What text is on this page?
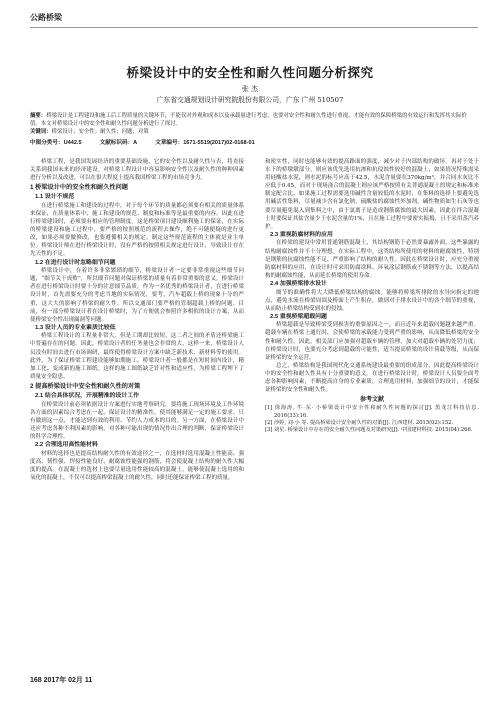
公路桥梁
桥梁设计中的安全性和耐久性问题分析探究
张 杰
广东省交通规划设计研究院股份有限公司，广东 广州 510507
摘要：桥梁设计是工程建设和施工后工程质量的关键环节，不能仅对外观和成本以及承载量进行考虑，也要对安全性和耐久性进行重视，才能有效的保障桥梁的有效运行和发挥其实际价值。本文对桥梁设计中的安全性和耐久性问题分析进行了探讨。
关键词：桥梁设计；安全性；耐久性；问题；对策
中图分类号：U442.5	文献标识码：A	文章编号：1671-5519(2017)02-0168-01

桥梁工程，是我国发展经济的重要基础设施，它的安全性以及耐久性与否，将直接关系到我国未来的经济建设。对桥梁工程设计中容易影响安全性以及耐久性的种种因素进行分析以及改进，可以在很大程度上提高我国桥梁工程的市场竞争力。

1 桥梁设计中的安全性和耐久性问题
1.1 设计不规范

在进行桥梁施工和建设的过程中，对于每个环节的质量都必须要有相关的质量体系来保证，在质量体系中，施工和建设的规范、制度和标准等是最重要的内容。因此在进行桥梁建设时，必须要有相应的管理制度。这是桥梁项目建设顺利施工的保证，在实际的桥梁建设和施工过程中，要严格的按照规范的流程去操作，绝不可随便疑的进行更改，如果必须要做修改，也要遵循相关的规定。制定这些规范流程的主体就是业主单位。桥梁设计师在进行桥梁设计时，没有严格的按照相关规定进行设计，导致设计存在先天性的不足。

1.2 在进行设计时忽略细节问题

桥梁设计中，在着许多非常繁琐的细节，桥梁设计者一定要非常重视这些细节问题，“细节关于成败”，所以细节问题对保证桥梁的质量有着非常重要的意义。桥梁设计者在进行桥梁设计时要十分的注意细节品质。作为一名优秀的桥梁设计者，在进行桥梁设计时，首先需要充分的考虑当地的实际情况，要考，汽车超载上桥的现象十分的严重，这大大的影响了桥梁的耐久性。所以交通部门要严格的管制超载上桥的问题。目前，有一部分桥梁设计者在设计桥梁时，为了方便就会参照许多相似的设计方案，从而使桥梁安全性出现漏洞等问题。

1.3 设计人员的专业素质比较低

桥梁工程设计的工程量非常大，但是工期却比较短，这二者之间的矛盾还桥梁施工中普遍存在的问题。因此，桥梁设计者的任务量也会非常的大，这样一来，桥梁设计人员没有时间去进行市场调研，最终使得桥梁设计方案中缺乏新技术、新材料等的使用。此外，为了保证桥梁工程建设能够如期施工，桥梁设计者一般都是在短时间内设计，精加工化、变成新的施工图纸。这样的施工图纸缺乏针对性和适应性，为桥梁工程埋下了质量安全隐患。

2 提高桥梁设计中安全性和耐久性的对策
2.1 结合具体状况，开展精准的设计工作

在桥梁设计前必须依据设计方案进行实地考察研究，要将施工现场环境及工作环境各方面的因素综合考虑在一起，保证设计的精准性，使其能够满足一定的施工要求。只有做到这一点，才能达到有效的利用、节约人力成本的目的。另一方面，在桥梁设计中还应考虑各种不利因素的影响，对各种可能出现的情况作出合理的判断，保证桥梁设计的科学合理性。

2.2 合理选用高性能材料

材料的选择也是提高结构耐久性的有效途径之一，在选材时选用混凝土性能高、强度高、韧性强、焊接性能良好、耐腐蚀性能强的钢筋，将会使混凝土结构的耐久性大幅度的提高。在混凝土的选材上也要尽量选用性能较高的混凝土，能够使混凝土选用的和氧化的混凝土，不仅可以提高桥梁混凝土的耐久性，同时还能保证桥梁工程的质量。

和密实性，同时也能够有效的提高路面的强度，减少对于内部结构的破坏。再对于处于水下的桥墩墩部分，则应该优先选用抗渗和抗侵蚀性较好的混凝土，如果情况特殊需采用硅酸盐水泥，则水泥的标号应高于42.5，水泥含量要在370kg/m³，并合同水灰比不应低于0.45，而对于现场浇合的混凝土则应该严格按照有关普通混凝土的规定和标准来制定配合比。如果施工过程需要选用碱性含量较低的水泥时，在集料的选择上要避免选用碱活性集料，尽量减少含有氯化钠、硫酸盐的腐蚀性外加剂，碱性物质如生石灰等也要尽量避免混入到集料之中，由于氯离子是造成钢筋腐蚀的最大因素，因此在拌合混凝土时要保证其盐含量少于水泥含量的1%，且在施工过程中要密实振捣，且不采用蒸汽养护。

2.3 重视防腐材料的应用

在桥梁的建设中常用普通钢筋混凝土，其结构钢筋于必然要暴露外面，这些暴露的结构耐腐蚀性并不十分理想。在实际工程中，这类结构所使用的材料的耐腐蚀性，特别是钢筋的抗腐蚀性能不足，严重影响了结构的耐久性。因此在桥梁设计时，应充分重视防腐材料的应用，在设计时可采用防腐涂料、环氧涂层钢筋或不锈钢等方法，以提高结构的耐腐蚀性能，从而延长桥梁的使用寿命。

2.4 加强桥梁排水设计

细节的准确性将大大降低桥梁结构的腐蚀。能够将桥梁所排除的水导向指定的地点，避免水流在桥梁周围及桥面上产生积存，做到对于排水设计中的各个细节的重视，从而防止桥梁结构受到水的侵蚀。

2.5 重视桥梁超载问题

桥梁超载是导致桥梁受到损害的重要原因之一，而且近年来超载问题越来越严重。超载车辆在桥梁上通行时，会使桥梁的承载能力受到严重的影响，从而降低桥梁的安全性和耐久性。因此，相关部门应加强对超载车辆的管理，加大对超载车辆的处罚力度；在桥梁设计时，也要充分考虑到超载的可能性，适当提高桥梁的设计荷载等级，从而保证桥梁的安全运营。

总之，桥梁结构是我国现代化交通系统建设最重要的组成部分，因此提高桥梁设计中的安全性和耐久性具有十分重要的意义。在进行桥梁设计时，桥梁设计人员要全面考虑各种影响因素，不断提高自身的专业素质，合理选用材料，加强细节的设计，才能保证桥梁的安全性和耐久性。

参考文献
[1] 徐海涛, 牛·东· 小桥梁设计中安全性和耐久性问题的探讨[J]. 黑龙江科技信息. 2016(33):16.
[2] 沙婷, 刘·小 等. 提高桥梁设计安全耐久性的对策[J]. 江西建材. 2015(02):152.
[3] 刘星. 桥梁设计中存在的安全耐久性问题及对策研究[J]. 中国建材科技. 2015(04):266.
168 2017年 02月 11
